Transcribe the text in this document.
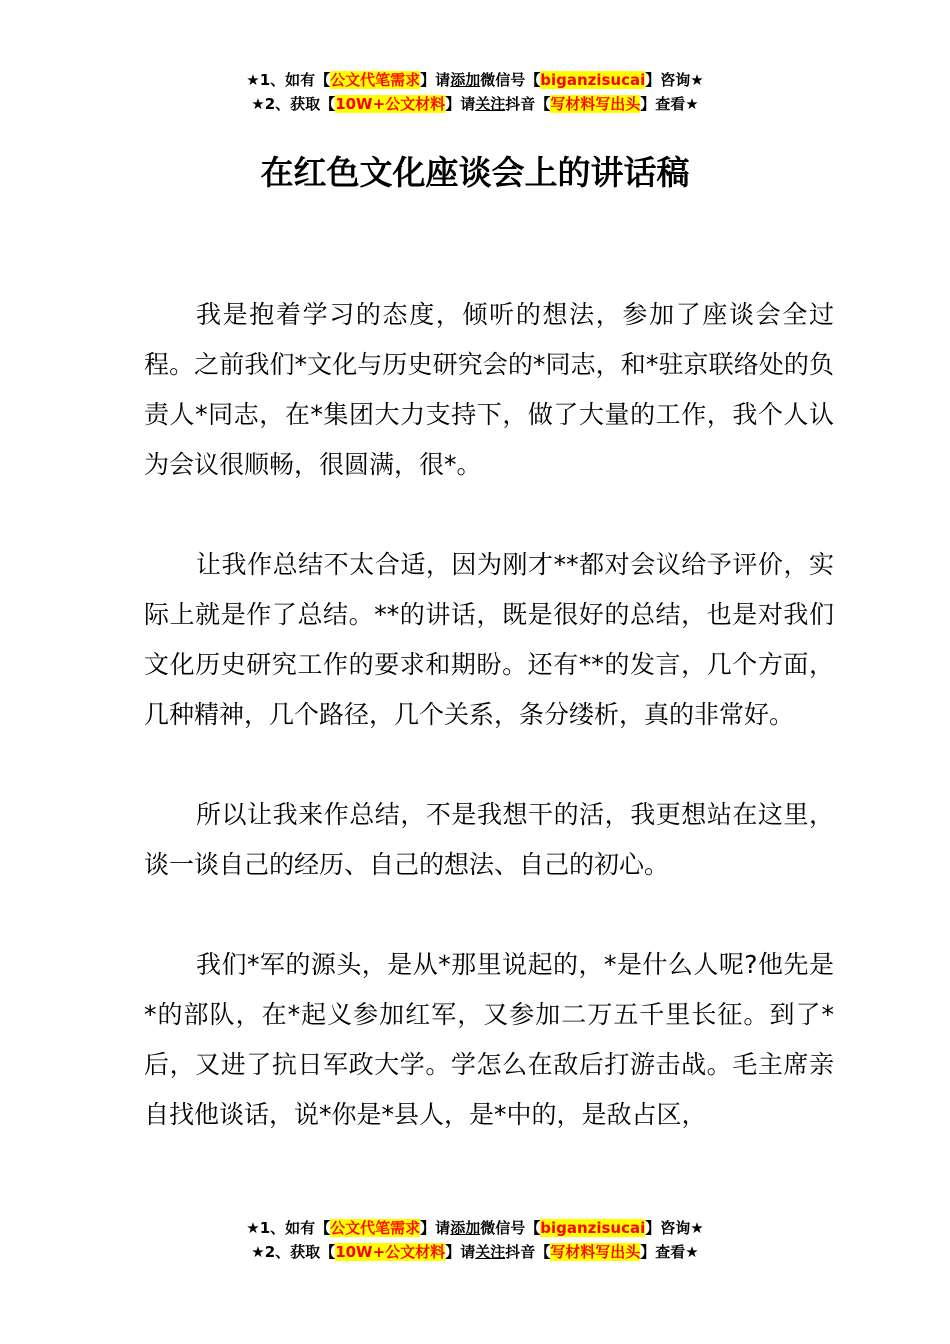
★1、如有【公文代笔需求】请添加微信号【biganzisucai】咨询★
★2、获取【10W+公文材料】请关注抖音【写材料写出头】查看★
在红色文化座谈会上的讲话稿

我是抱着学习的态度，倾听的想法，参加了座谈会全过程。之前我们*文化与历史研究会的*同志，和*驻京联络处的负责人*同志，在*集团大力支持下，做了大量的工作，我个人认为会议很顺畅，很圆满，很*。

让我作总结不太合适，因为刚才**都对会议给予评价，实际上就是作了总结。**的讲话，既是很好的总结，也是对我们文化历史研究工作的要求和期盼。还有**的发言，几个方面，几种精神，几个路径，几个关系，条分缕析，真的非常好。

所以让我来作总结，不是我想干的活，我更想站在这里，谈一谈自己的经历、自己的想法、自己的初心。

我们*军的源头，是从*那里说起的，*是什么人呢?他先是*的部队，在*起义参加红军，又参加二万五千里长征。到了*后，又进了抗日军政大学。学怎么在敌后打游击战。毛主席亲自找他谈话，说*你是*县人，是*中的，是敌占区，

★1、如有【公文代笔需求】请添加微信号【biganzisucai】咨询★
★2、获取【10W+公文材料】请关注抖音【写材料写出头】查看★
